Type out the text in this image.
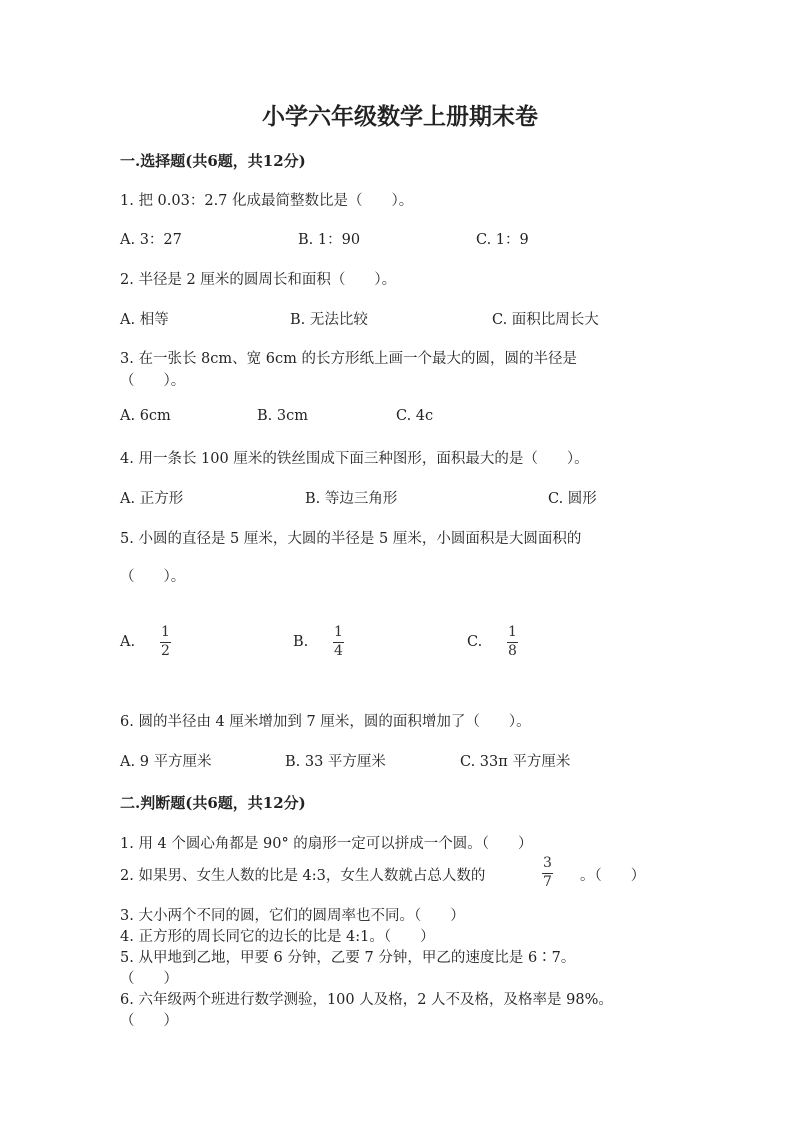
小学六年级数学上册期末卷
一.选择题(共6题，共12分)
1. 把 0.03：2.7 化成最简整数比是（　　）。
A. 3：27	B. 1：90	C. 1：9
2. 半径是 2 厘米的圆周长和面积（　　）。
A. 相等	B. 无法比较	C. 面积比周长大
3. 在一张长 8cm、宽 6cm 的长方形纸上画一个最大的圆，圆的半径是
（　　）。
A. 6cm	B. 3cm	C. 4c
4. 用一条长 100 厘米的铁丝围成下面三种图形，面积最大的是（　　）。
A. 正方形	B. 等边三角形	C. 圆形
5. 小圆的直径是 5 厘米，大圆的半径是 5 厘米，小圆面积是大圆面积的
（　　）。
A.
1
2
B.
1
4
C.
1
8
6. 圆的半径由 4 厘米增加到 7 厘米，圆的面积增加了（　　）。
A. 9 平方厘米	B. 33 平方厘米	C. 33π 平方厘米
二.判断题(共6题，共12分)
1. 用 4 个圆心角都是 90° 的扇形一定可以拼成一个圆。（　　）
2. 如果男、女生人数的比是 4:3，女生人数就占总人数的
3
7 。（　　）
3. 大小两个不同的圆，它们的圆周率也不同。（　　）
4. 正方形的周长同它的边长的比是 4:1。（　　）
5. 从甲地到乙地，甲要 6 分钟，乙要 7 分钟，甲乙的速度比是 6∶7。
（　　）
6. 六年级两个班进行数学测验，100 人及格，2 人不及格，及格率是 98%。
（　　）
